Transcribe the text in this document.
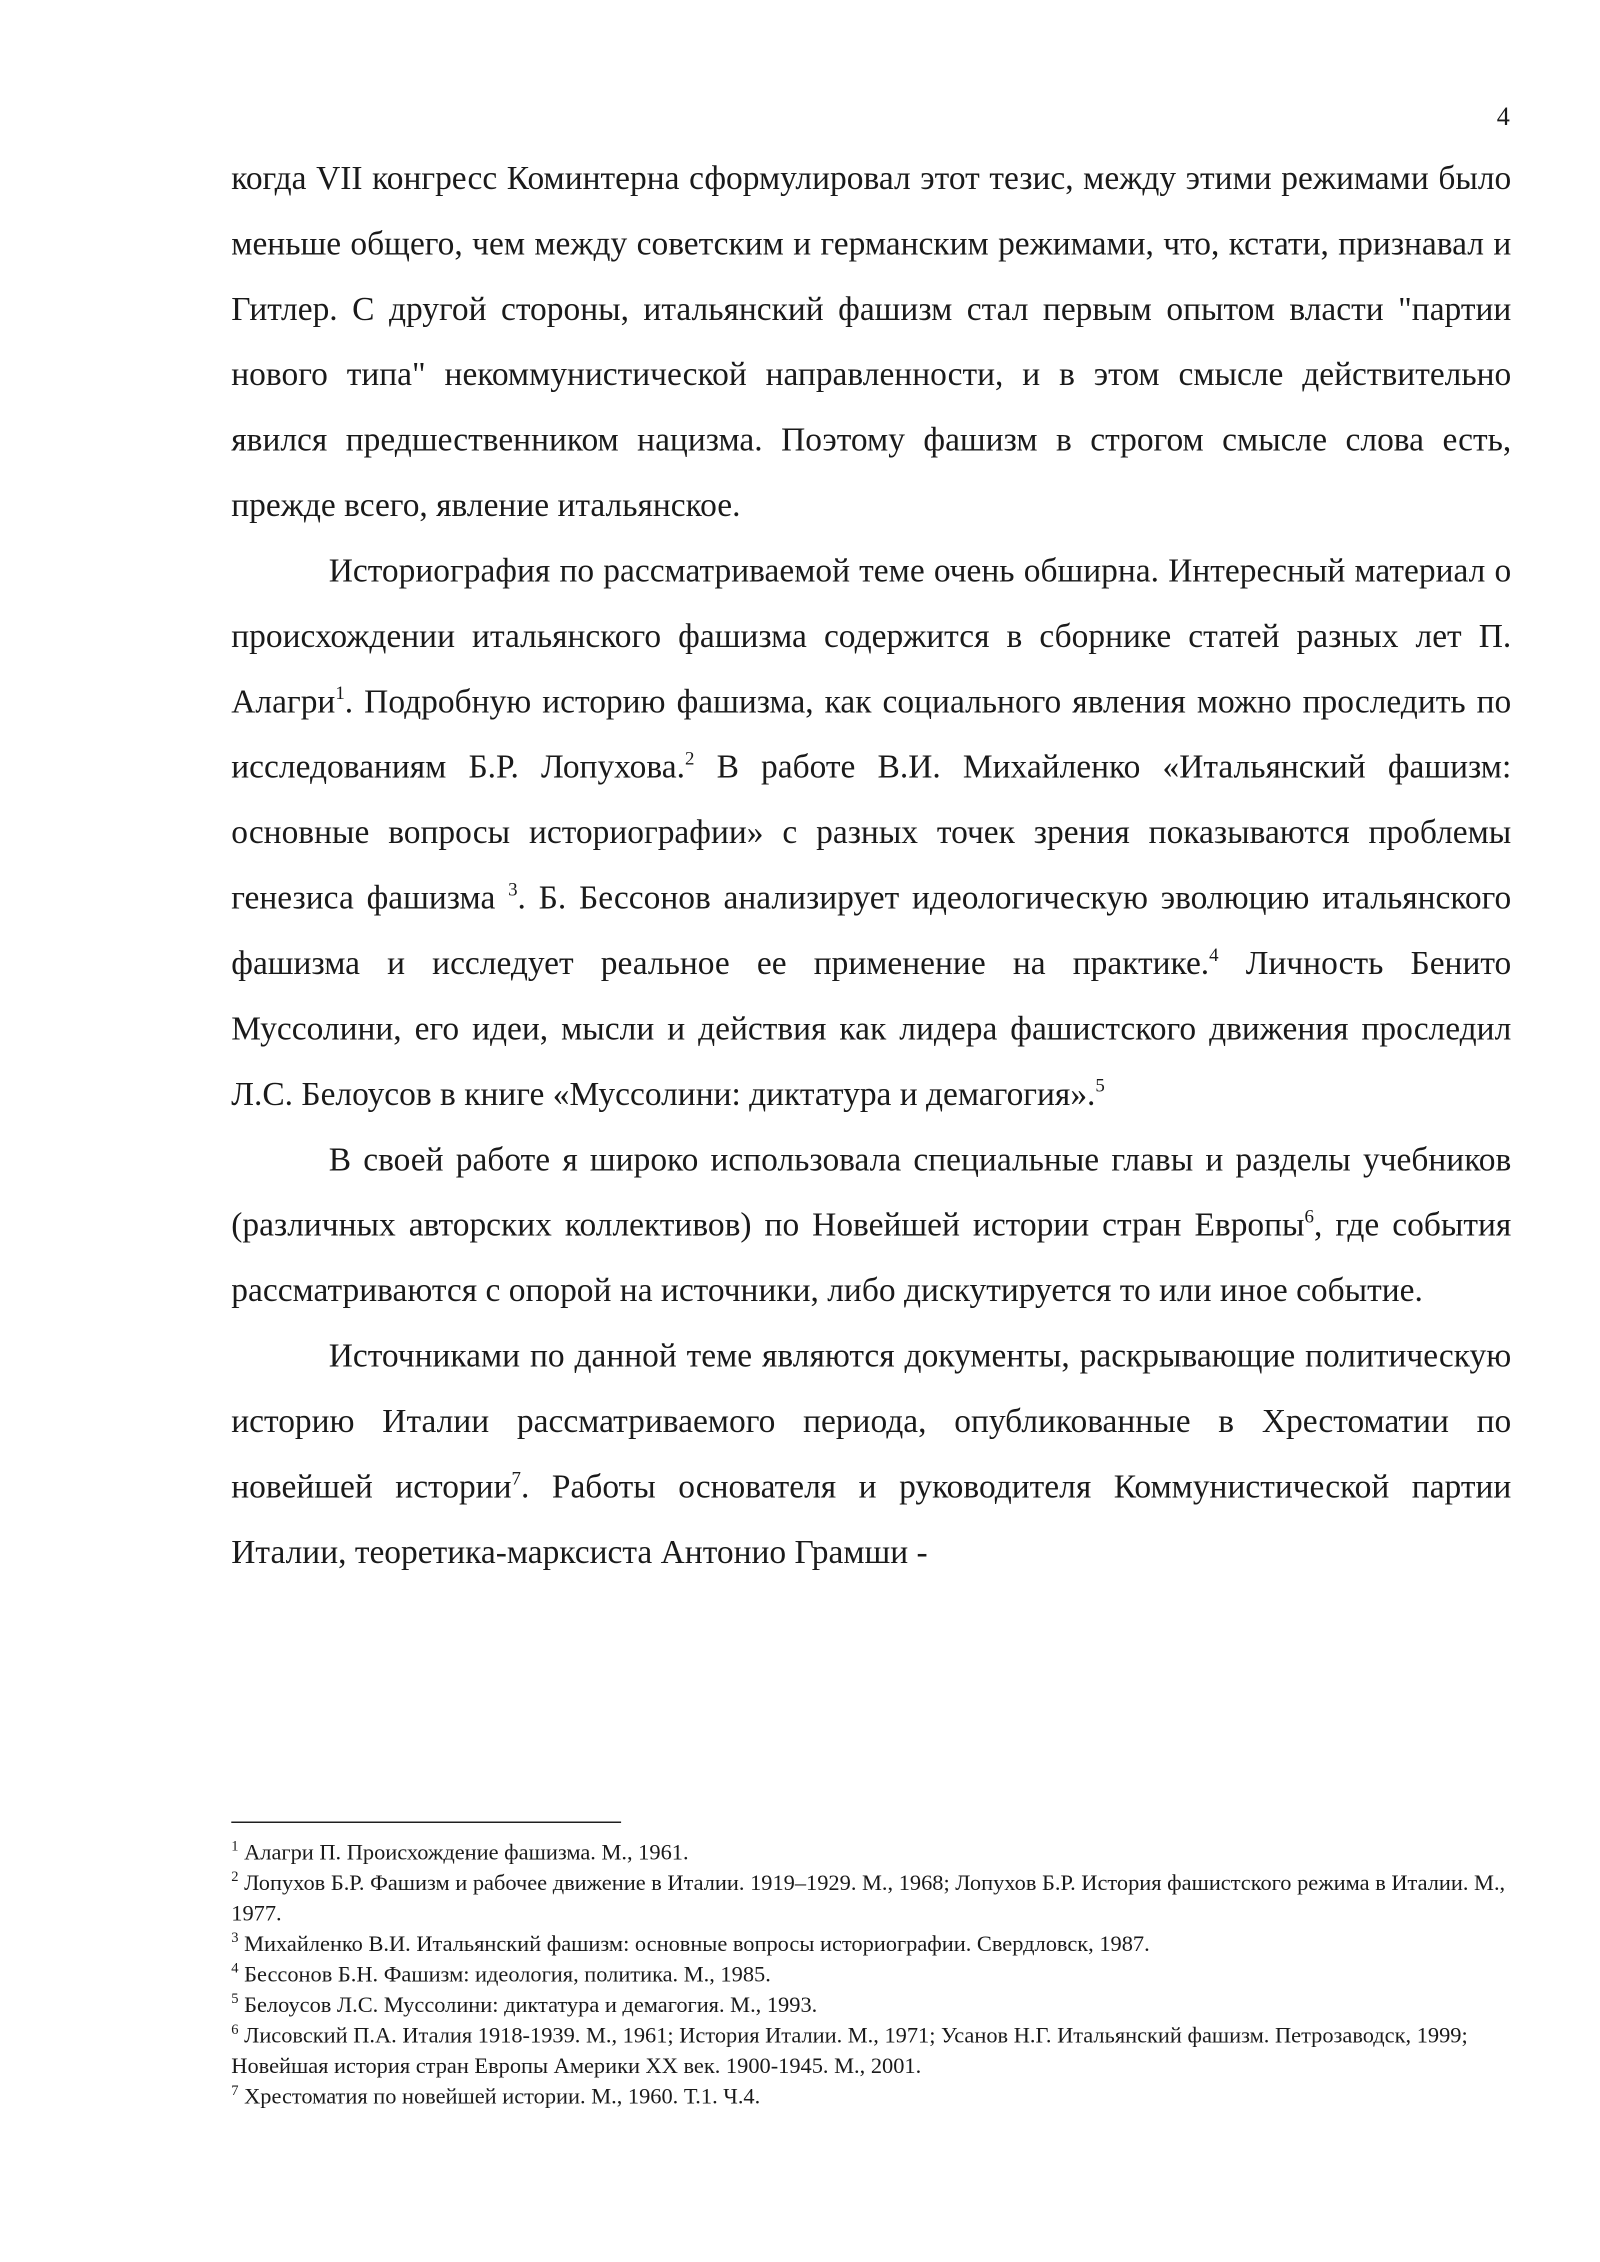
4

когда VII конгресс Коминтерна сформулировал этот тезис, между этими режимами было меньше общего, чем между советским и германским режимами, что, кстати, признавал и Гитлер. С другой стороны, итальянский фашизм стал первым опытом власти "партии нового типа" некоммунистической направленности, и в этом смысле действительно явился предшественником нацизма. Поэтому фашизм в строгом смысле слова есть, прежде всего, явление итальянское.

Историография по рассматриваемой теме очень обширна. Интересный материал о происхождении итальянского фашизма содержится в сборнике статей разных лет П. Алагри$^1$. Подробную историю фашизма, как социального явления можно проследить по исследованиям Б.Р. Лопухова.$^2$ В работе В.И. Михайленко «Итальянский фашизм: основные вопросы историографии» с разных точек зрения показываются проблемы генезиса фашизма $^3$. Б. Бессонов анализирует идеологическую эволюцию итальянского фашизма и исследует реальное ее применение на практике.$^4$ Личность Бенито Муссолини, его идеи, мысли и действия как лидера фашистского движения проследил Л.С. Белоусов в книге «Муссолини: диктатура и демагогия».$^5$

В своей работе я широко использовала специальные главы и разделы учебников (различных авторских коллективов) по Новейшей истории стран Европы$^6$, где события рассматриваются с опорой на источники, либо дискутируется то или иное событие.

Источниками по данной теме являются документы, раскрывающие политическую историю Италии рассматриваемого периода, опубликованные в Хрестоматии по новейшей истории$^7$. Работы основателя и руководителя Коммунистической партии Италии, теоретика-марксиста Антонио Грамши -

$^1$ Алагри П. Происхождение фашизма. М., 1961.

$^2$ Лопухов Б.Р. Фашизм и рабочее движение в Италии. 1919–1929. М., 1968; Лопухов Б.Р. История фашистского режима в Италии. М., 1977.

$^3$ Михайленко В.И. Итальянский фашизм: основные вопросы историографии. Свердловск, 1987.

$^4$ Бессонов Б.Н. Фашизм: идеология, политика. М., 1985.

$^5$ Белоусов Л.С. Муссолини: диктатура и демагогия. М., 1993.

$^6$ Лисовский П.А. Италия 1918-1939. М., 1961; История Италии. М., 1971; Усанов Н.Г. Итальянский фашизм. Петрозаводск, 1999; Новейшая история стран Европы Америки XX век. 1900-1945. М., 2001.

$^7$ Хрестоматия по новейшей истории. М., 1960. Т.1. Ч.4.
